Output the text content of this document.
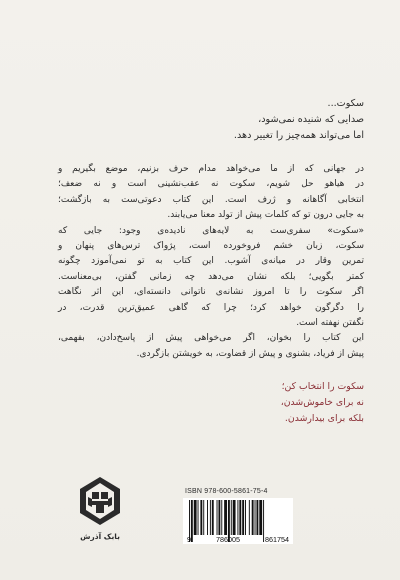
سکوت...
صدایی که شنیده نمی‌شود،
اما می‌تواند همه‌چیز را تغییر دهد.
در جهانی که از ما می‌خواهد مدام حرف بزنیم، موضع بگیریم و
در هیاهو حل شویم، سکوت نه عقب‌نشینی است و نه ضعف؛
انتخابی آگاهانه و ژرف است. این کتاب دعوتی‌ست به بازگشت؛
به جایی درون تو که کلمات پیش از تولد معنا می‌یابند.
«سکوت» سفری‌ست به لایه‌های نادیده‌ی وجود: جایی که
سکوت، زبان خشم فروخورده است، پژواک ترس‌های پنهان و
تمرین وقار در میانه‌ی آشوب. این کتاب به تو نمی‌آموزد چگونه
کمتر بگویی؛ بلکه نشان می‌دهد چه زمانی گفتن، بی‌معناست.
اگر سکوت را تا امروز نشانه‌ی ناتوانی دانسته‌ای، این اثر نگاهت
را دگرگون خواهد کرد؛ چرا که گاهی عمیق‌ترین قدرت، در
نگفتن نهفته است.
این کتاب را بخوان، اگر می‌خواهی پیش از پاسخ‌دادن، بفهمی،
پیش از فریاد، بشنوی و پیش از قضاوت، به خویشتن بازگردی.
سکوت را انتخاب کن؛
نه برای خاموش‌شدن،
بلکه برای بیدارشدن.
بابک آذرش
ISBN 978-600-5861-75-4
9	786005	861754
